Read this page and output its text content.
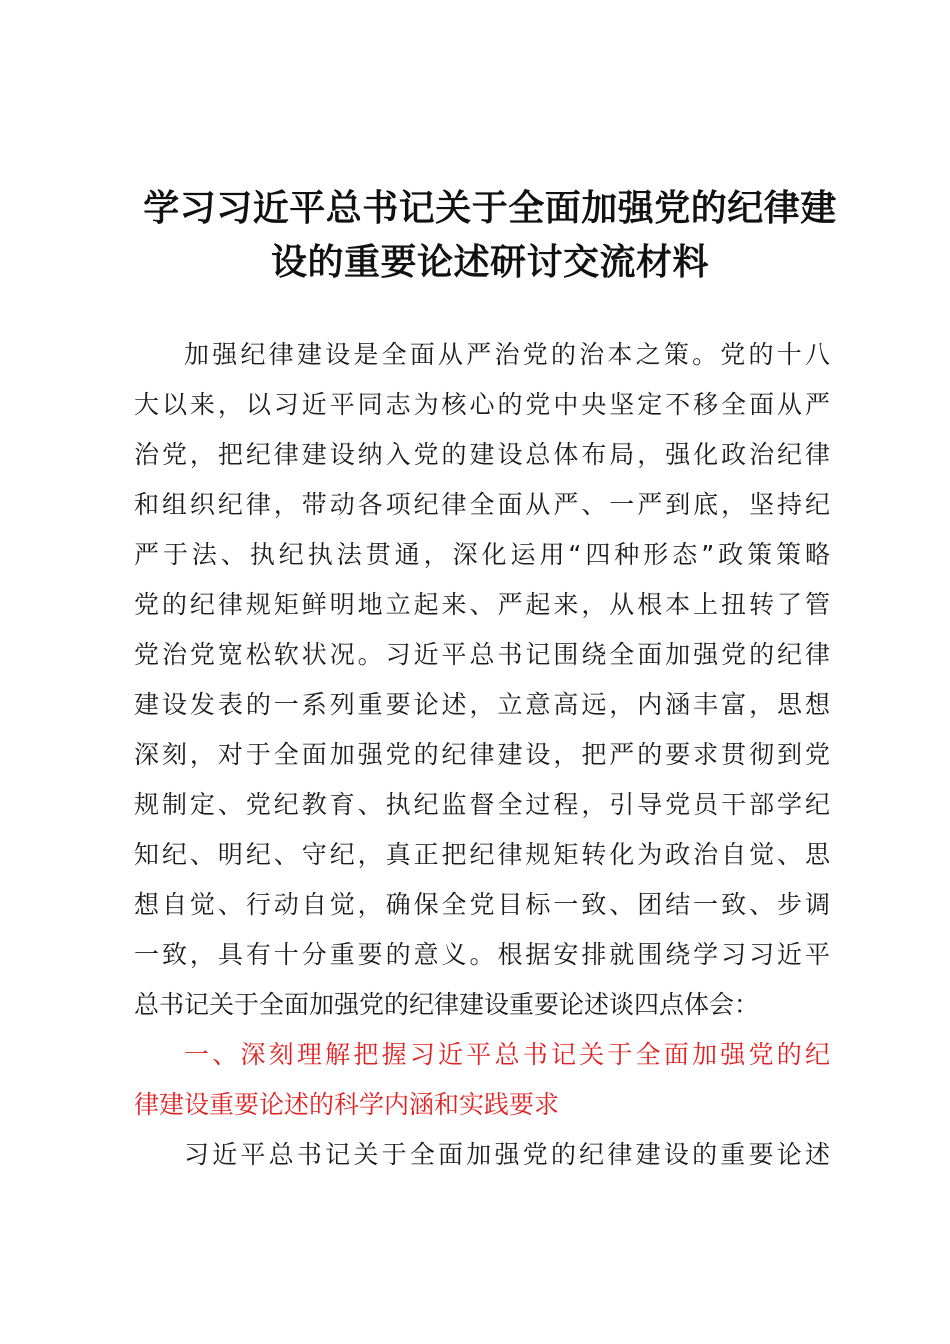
学习习近平总书记关于全面加强党的纪律建
设的重要论述研讨交流材料
加强纪律建设是全面从严治党的治本之策。党的十八
大以来，以习近平同志为核心的党中央坚定不移全面从严
治党，把纪律建设纳入党的建设总体布局，强化政治纪律
和组织纪律，带动各项纪律全面从严、一严到底，坚持纪
严于法、执纪执法贯通，深化运用“四种形态”政策策略
党的纪律规矩鲜明地立起来、严起来，从根本上扭转了管
党治党宽松软状况。习近平总书记围绕全面加强党的纪律
建设发表的一系列重要论述，立意高远，内涵丰富，思想
深刻，对于全面加强党的纪律建设，把严的要求贯彻到党
规制定、党纪教育、执纪监督全过程，引导党员干部学纪
知纪、明纪、守纪，真正把纪律规矩转化为政治自觉、思
想自觉、行动自觉，确保全党目标一致、团结一致、步调
一致，具有十分重要的意义。根据安排就围绕学习习近平
总书记关于全面加强党的纪律建设重要论述谈四点体会：
一、深刻理解把握习近平总书记关于全面加强党的纪
律建设重要论述的科学内涵和实践要求
习近平总书记关于全面加强党的纪律建设的重要论述
